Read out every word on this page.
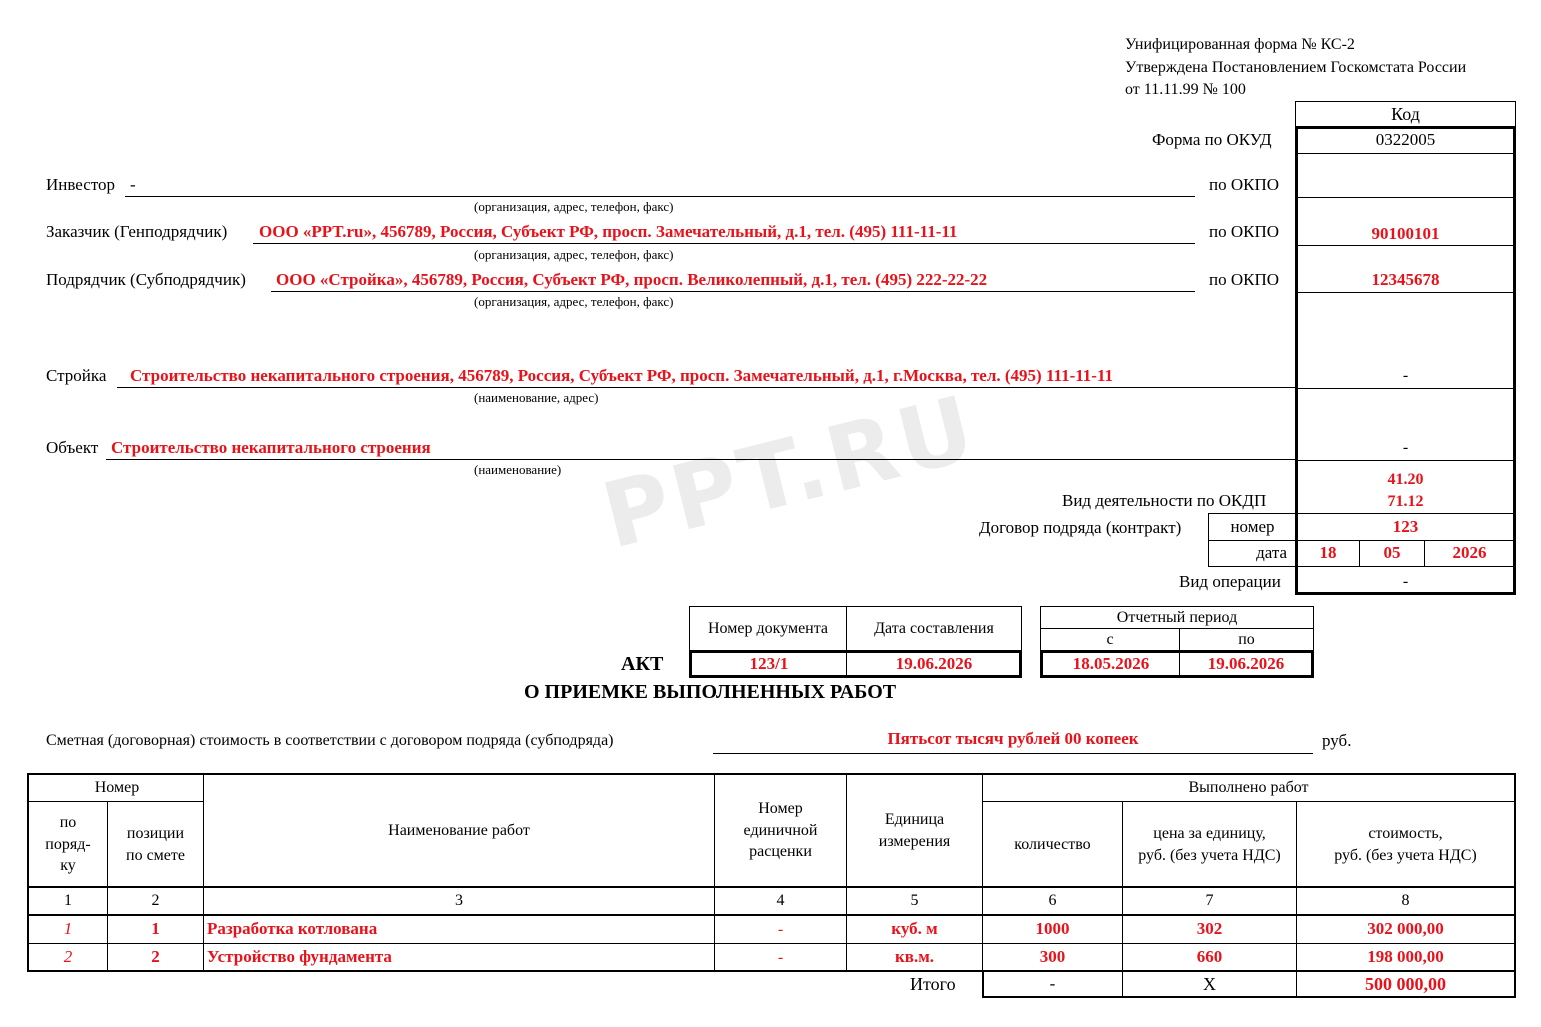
PPT.RU
Унифицированная форма № КС-2
Утверждена Постановлением Госкомстата России
от 11.11.99 № 100
Код
Форма по ОКУД	0322005
Инвестор -
(организация, адрес, телефон, факс)
по ОКПО
Заказчик (Генподрядчик) ООО «PPT.ru», 456789, Россия, Субъект РФ, просп. Замечательный, д.1, тел. (495) 111-11-11
(организация, адрес, телефон, факс)
по ОКПО	90100101
Подрядчик (Субподрядчик) ООО «Стройка», 456789, Россия, Субъект РФ, просп. Великолепный, д.1, тел. (495) 222-22-22
(организация, адрес, телефон, факс)
по ОКПО	12345678
Стройка Строительство некапитального строения, 456789, Россия, Субъект РФ, просп. Замечательный, д.1, г.Москва, тел. (495) 111-11-11
(наименование, адрес)
-
Объект Строительство некапитального строения
(наименование)
-
41.20
Вид деятельности по ОКДП	71.12
Договор подряда (контракт)	номер	123
дата	18	05	2026
Вид операции	-
Номер документа	Дата составления
123/1	19.06.2026
Отчетный период
с	по
18.05.2026	19.06.2026
АКТ
О ПРИЕМКЕ ВЫПОЛНЕННЫХ РАБОТ
Сметная (договорная) стоимость в соответствии с договором подряда (субподряда)	Пятьсот тысяч рублей 00 копеек	руб.
Номер
по
поряд-
ку
позиции
по смете
Наименование работ
Номер
единичной
расценки
Единица
измерения
Выполнено работ
количество
цена за единицу,
руб. (без учета НДС)
стоимость,
руб. (без учета НДС)
1	2	3	4	5	6	7	8
1	1	Разработка котлована	-	куб. м	1000	302	302 000,00
2	2	Устройство фундамента	-	кв.м.	300	660	198 000,00
Итого	-	X	500 000,00
